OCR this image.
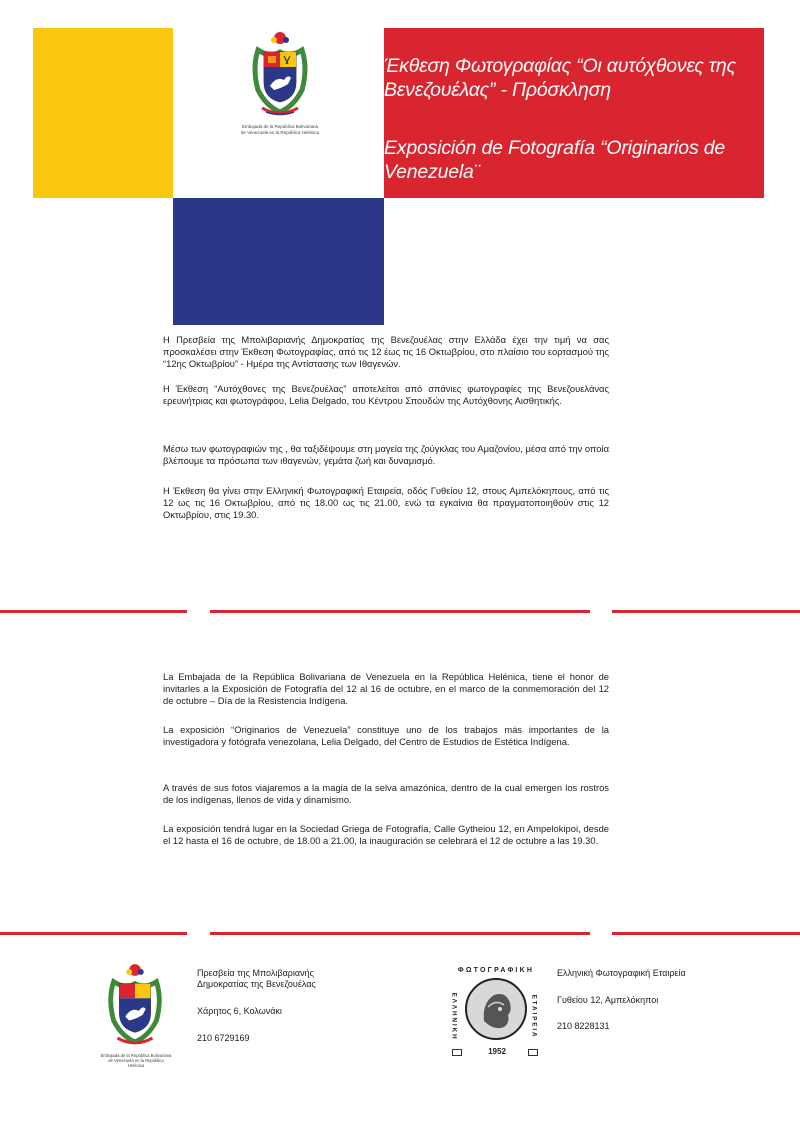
Embajada de la República Bolivariana de Venezuela en la República Helénica

Έκθεση Φωτογραφίας “Οι αυτόχθονες της Βενεζουέλας” - Πρόσκληση
Exposición de Fotografía “Originarios de Venezuela¨

Η Πρεσβεία της Μπολιβαριανής Δημοκρατίας της Βενεζουέλας στην Ελλάδα έχει την τιμή να σας προσκαλέσει στην Έκθεση Φωτογραφίας, από τις 12 έως τις 16 Οκτωβρίου, στο πλαίσιο του εορτασμού της “12ης Οκτωβρίου” - Ημέρα της Αντίστασης των Ιθαγενών.

Η Έκθεση “Αυτόχθονες της Βενεζουέλας” αποτελείται από σπάνιες φωτογραφίες της Βενεζουελάνας ερευνήτριας και φωτογράφου, Lelia Delgado, του Κέντρου Σπουδών της Αυτόχθονης Αισθητικής.

Μέσω των φωτογραφιών της , θα ταξιδέψουμε στη μαγεία της ζούγκλας του Αμαζονίου, μέσα από την οποία βλέπουμε τα πρόσωπα των ιθαγενών, γεμάτα ζωή και δυναμισμό.

Η Έκθεση θα γίνει στην Ελληνική Φωτογραφική Εταιρεία, οδός Γυθείου 12, στους Αμπελόκηπους, από τις 12 ως τις 16 Οκτωβρίου, από τις 18.00 ως τις 21.00, ενώ τα εγκαίνια θα πραγματοποιηθούν στις 12 Οκτωβρίου, στις 19.30.

La Embajada de la República Bolivariana de Venezuela en la República Helénica, tiene el honor de invitarles a la Exposición de Fotografía del 12 al 16 de octubre, en el marco de la conmemoración del 12 de octubre – Día de la Resistencia Indígena.

La exposición “Originarios de Venezuela” constituye uno de los trabajos más importantes de la investigadora y fotógrafa venezolana, Lelia Delgado, del Centro de Estudios de Estética Indígena.

A través de sus fotos viajaremos a la magia de la selva amazónica, dentro de la cual emergen los rostros de los indígenas, llenos de vida y dinamismo.

La exposición tendrá lugar en la Sociedad Griega de Fotografía, Calle Gytheiou 12, en Ampelokipoi, desde el 12 hasta el 16 de octubre, de 18.00 a 21.00, la inauguración se celebrará el 12 de octubre a las 19.30.

Embajada de la República Bolivariana de Venezuela en la República Helénica

Πρεσβεία της Μπολιβαριανής Δημοκρατίας της Βενεζουέλας

Χάρητος 6, Κολωνάκι

210 6729169

ΦΩΤΟΓΡΑΦΙΚΗ
ΕΛΛΗΝΙΚΗ	ΕΤΑΙΡΕΙΑ
1952

Ελληνική Φωτογραφική Εταιρεία

Γυθείου 12, Αμπελόκηποι

210 8228131
